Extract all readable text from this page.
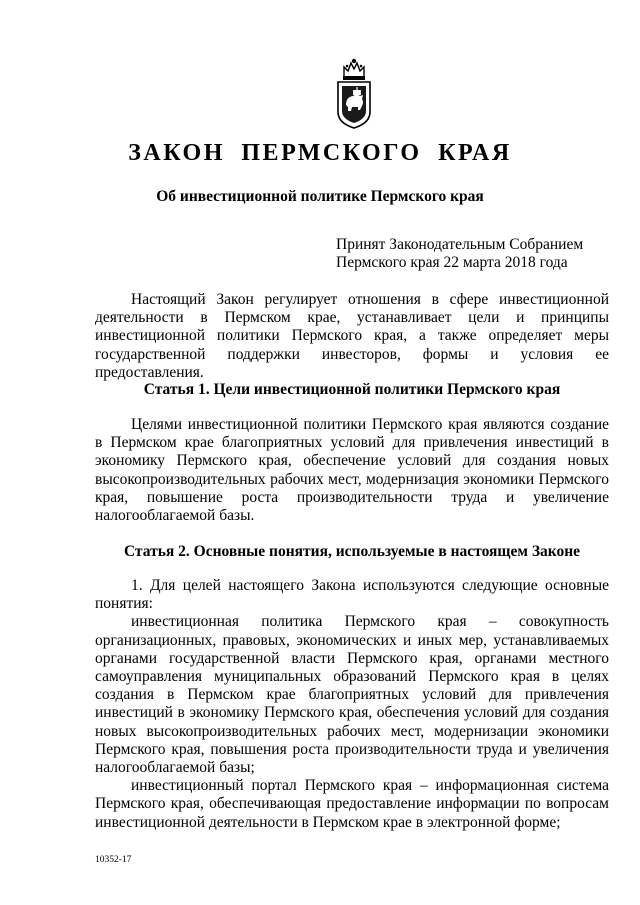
ЗАКОН ПЕРМСКОГО КРАЯ
Об инвестиционной политике Пермского края
Принят Законодательным Собранием
Пермского края 22 марта 2018 года

Настоящий Закон регулирует отношения в сфере инвестиционной деятельности в Пермском крае, устанавливает цели и принципы инвестиционной политики Пермского края, а также определяет меры государственной поддержки инвесторов, формы и условия ее предоставления.

Статья 1. Цели инвестиционной политики Пермского края

Целями инвестиционной политики Пермского края являются создание в Пермском крае благоприятных условий для привлечения инвестиций в экономику Пермского края, обеспечение условий для создания новых высокопроизводительных рабочих мест, модернизация экономики Пермского края, повышение роста производительности труда и увеличение налогооблагаемой базы.

Статья 2. Основные понятия, используемые в настоящем Законе

1. Для целей настоящего Закона используются следующие основные понятия:

инвестиционная политика Пермского края – совокупность организационных, правовых, экономических и иных мер, устанавливаемых органами государственной власти Пермского края, органами местного самоуправления муниципальных образований Пермского края в целях создания в Пермском крае благоприятных условий для привлечения инвестиций в экономику Пермского края, обеспечения условий для создания новых высокопроизводительных рабочих мест, модернизации экономики Пермского края, повышения роста производительности труда и увеличения налогооблагаемой базы;

инвестиционный портал Пермского края – информационная система Пермского края, обеспечивающая предоставление информации по вопросам инвестиционной деятельности в Пермском крае в электронной форме;

10352-17
